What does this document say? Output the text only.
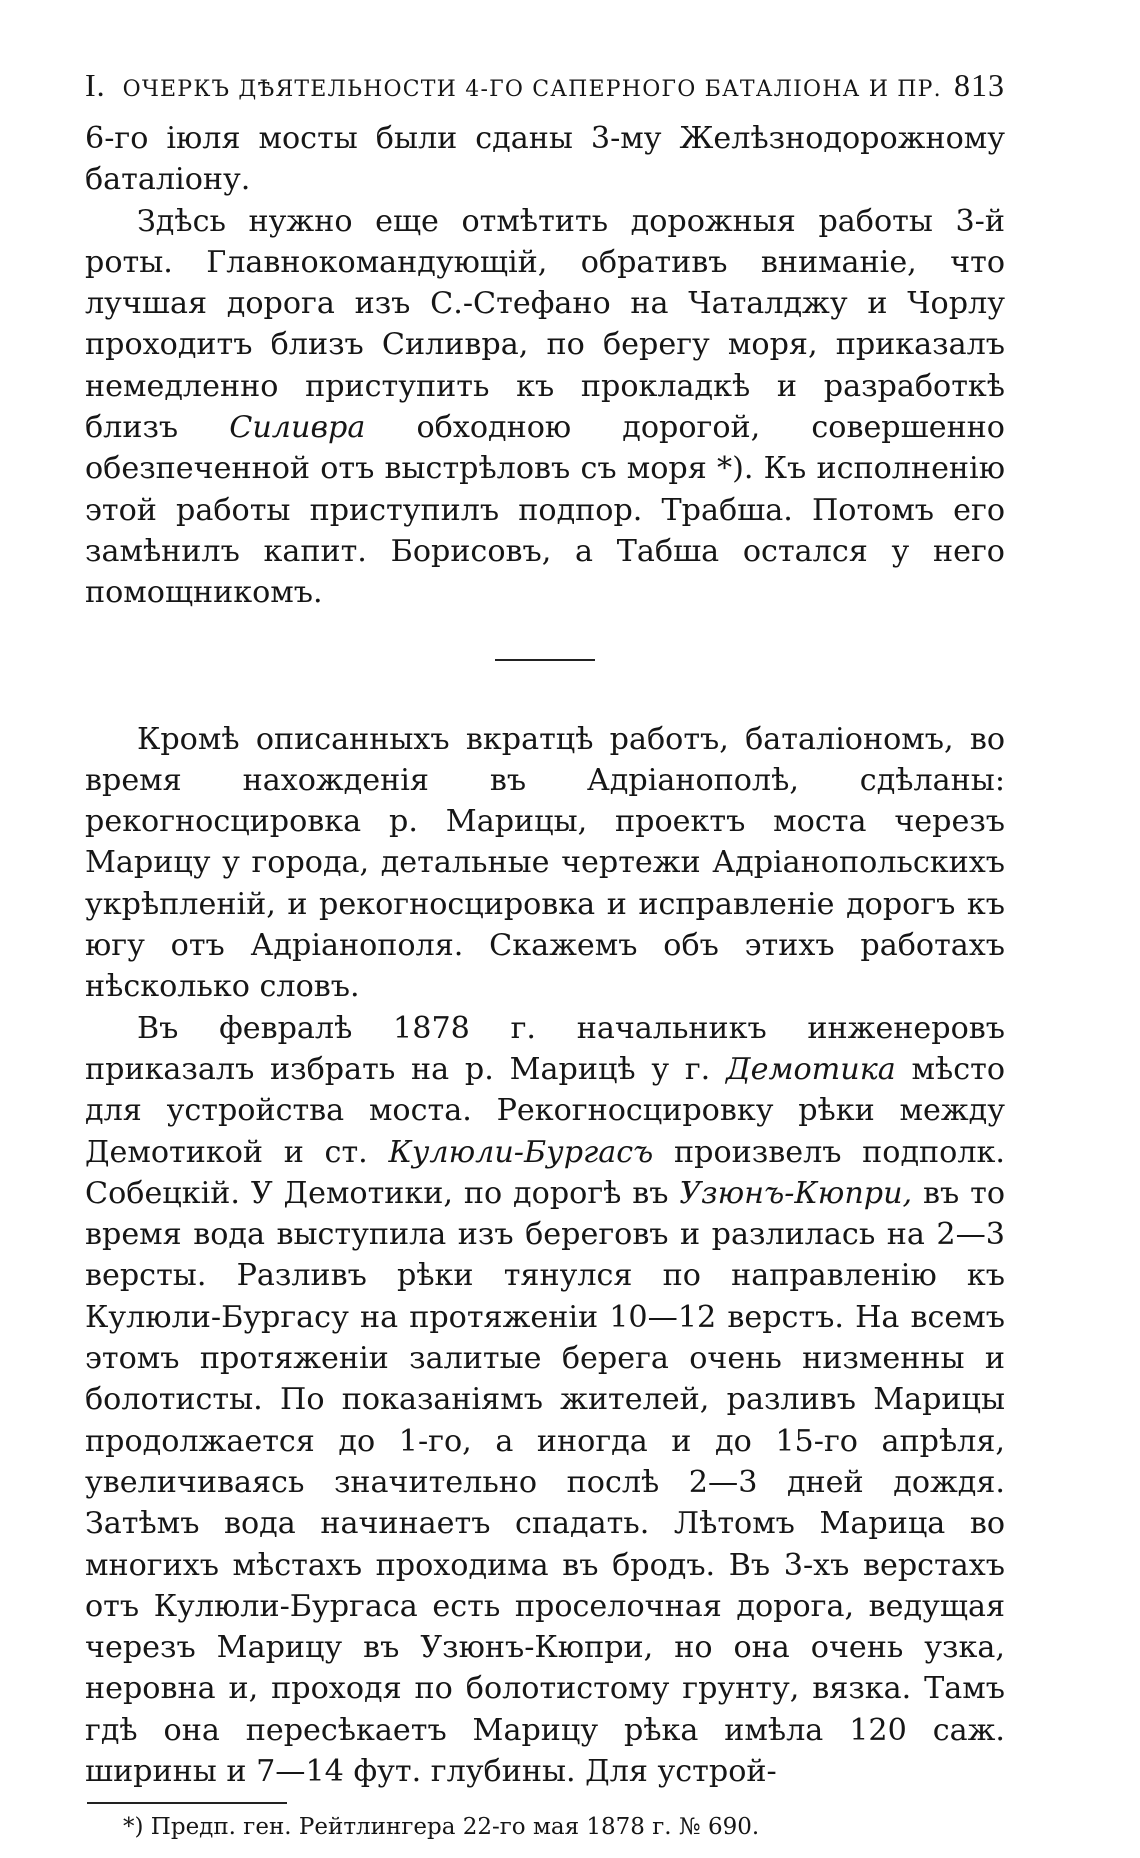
I. ОЧЕРКЪ ДѢЯТЕЛЬНОСТИ 4-ГО САПЕРНОГО БАТАЛІОНА И ПР. 813

6-го іюля мосты были сданы 3-му Желѣзнодорожному баталіону.

Здѣсь нужно еще отмѣтить дорожныя работы 3-й роты. Главнокомандующій, обративъ вниманіе, что лучшая дорога изъ С.-Стефано на Чаталджу и Чорлу проходитъ близъ Силивра, по берегу моря, приказалъ немедленно приступить къ прокладкѣ и разработкѣ близъ Силивра обходною дорогой, совершенно обезпеченной отъ выстрѣловъ съ моря *). Къ исполненію этой работы приступилъ подпор. Трабша. Потомъ его замѣнилъ капит. Борисовъ, а Табша остался у него помощникомъ.

Кромѣ описанныхъ вкратцѣ работъ, баталіономъ, во время нахожденія въ Адріанополѣ, сдѣланы: рекогносцировка р. Марицы, проектъ моста черезъ Марицу у города, детальные чертежи Адріанопольскихъ укрѣпленій, и рекогносцировка и исправленіе дорогъ къ югу отъ Адріанополя. Скажемъ объ этихъ работахъ нѣсколько словъ.

Въ февралѣ 1878 г. начальникъ инженеровъ приказалъ избрать на р. Марицѣ у г. Демотика мѣсто для устройства моста. Рекогносцировку рѣки между Демотикой и ст. Кулюли-Бургасъ произвелъ подполк. Собецкій. У Демотики, по дорогѣ въ Узюнъ-Кюпри, въ то время вода выступила изъ береговъ и разлилась на 2—3 версты. Разливъ рѣки тянулся по направленію къ Кулюли-Бургасу на протяженіи 10—12 верстъ. На всемъ этомъ протяженіи залитые берега очень низменны и болотисты. По показаніямъ жителей, разливъ Марицы продолжается до 1-го, а иногда и до 15-го апрѣля, увеличиваясь значительно послѣ 2—3 дней дождя. Затѣмъ вода начинаетъ спадать. Лѣтомъ Марица во многихъ мѣстахъ проходима въ бродъ. Въ 3-хъ верстахъ отъ Кулюли-Бургаса есть проселочная дорога, ведущая черезъ Марицу въ Узюнъ-Кюпри, но она очень узка, неровна и, проходя по болотистому грунту, вязка. Тамъ гдѣ она пересѣкаетъ Марицу рѣка имѣла 120 саж. ширины и 7—14 фут. глубины. Для устрой-

*) Предп. ген. Рейтлингера 22-го мая 1878 г. № 690.
